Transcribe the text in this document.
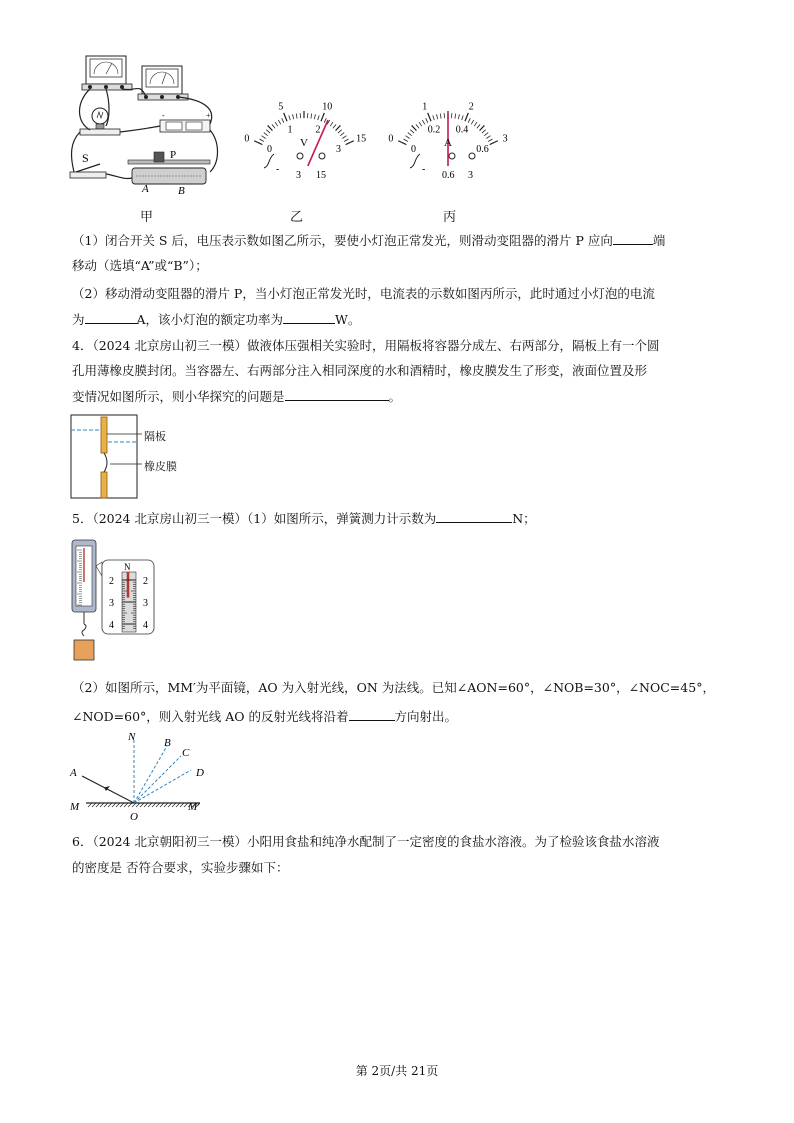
-	+
S	P
A	B
0
5	10
15
0
1 2
3
V
-
3 15
0
1	2
3
0
0.2 0.4
0.6
A
-
0.6 3
甲	乙	丙
（1）闭合开关 S 后，电压表示数如图乙所示，要使小灯泡正常发光，则滑动变阻器的滑片 P 应向	端
移动（选填“A”或“B”）；
（2）移动滑动变阻器的滑片 P，当小灯泡正常发光时，电流表的示数如图丙所示，此时通过小灯泡的电流
为	A，该小灯泡的额定功率为	W。
4．（2024 北京房山初三一模）做液体压强相关实验时，用隔板将容器分成左、右两部分，隔板上有一个圆
孔用薄橡皮膜封闭。当容器左、右两部分注入相同深度的水和酒精时，橡皮膜发生了形变，液面位置及形
变情况如图所示，则小华探究的问题是	。
隔板
橡皮膜
5．（2024 北京房山初三一模）（1）如图所示，弹簧测力计示数为	N；
N
2
3
4
2
3
4
（2）如图所示，MM′为平面镜，AO 为入射光线，ON 为法线。已知∠AON=60°，∠NOB=30°，∠NOC=45°，
∠NOD=60°，则入射光线 AO 的反射光线将沿着	方向射出。
N	B
C
D
A
M	M′
O
6．（2024 北京朝阳初三一模）小阳用食盐和纯净水配制了一定密度的食盐水溶液。为了检验该食盐水溶液
的密度是 否符合要求，实验步骤如下：
第 2页/共 21页
